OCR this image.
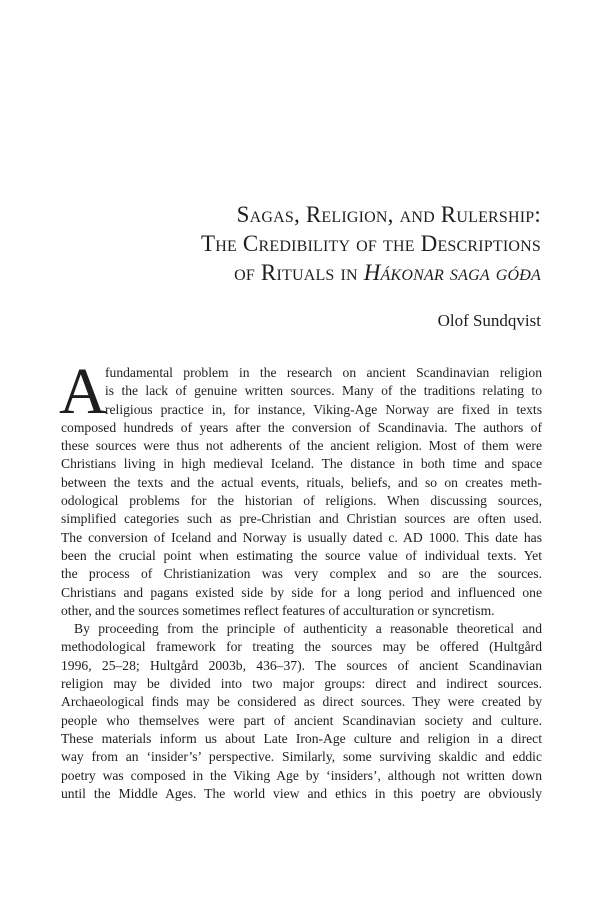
Sagas, Religion, and Rulership:
The Credibility of the Descriptions
of Rituals in Hákonar saga góða
Olof Sundqvist
A
fundamental problem in the research on ancient Scandinavian religion
is the lack of genuine written sources. Many of the traditions relating to
religious practice in, for instance, Viking-Age Norway are fixed in texts
composed hundreds of years after the conversion of Scandinavia. The authors of
these sources were thus not adherents of the ancient religion. Most of them were
Christians living in high medieval Iceland. The distance in both time and space
between the texts and the actual events, rituals, beliefs, and so on creates meth-
odological problems for the historian of religions. When discussing sources,
simplified categories such as pre-Christian and Christian sources are often used.
The conversion of Iceland and Norway is usually dated c. AD 1000. This date has
been the crucial point when estimating the source value of individual texts. Yet
the process of Christianization was very complex and so are the sources.
Christians and pagans existed side by side for a long period and influenced one
other, and the sources sometimes reflect features of acculturation or syncretism.
By proceeding from the principle of authenticity a reasonable theoretical and
methodological framework for treating the sources may be offered (Hultgård
1996, 25–28; Hultgård 2003b, 436–37). The sources of ancient Scandinavian
religion may be divided into two major groups: direct and indirect sources.
Archaeological finds may be considered as direct sources. They were created by
people who themselves were part of ancient Scandinavian society and culture.
These materials inform us about Late Iron-Age culture and religion in a direct
way from an ‘insider’s’ perspective. Similarly, some surviving skaldic and eddic
poetry was composed in the Viking Age by ‘insiders’, although not written down
until the Middle Ages. The world view and ethics in this poetry are obviously
